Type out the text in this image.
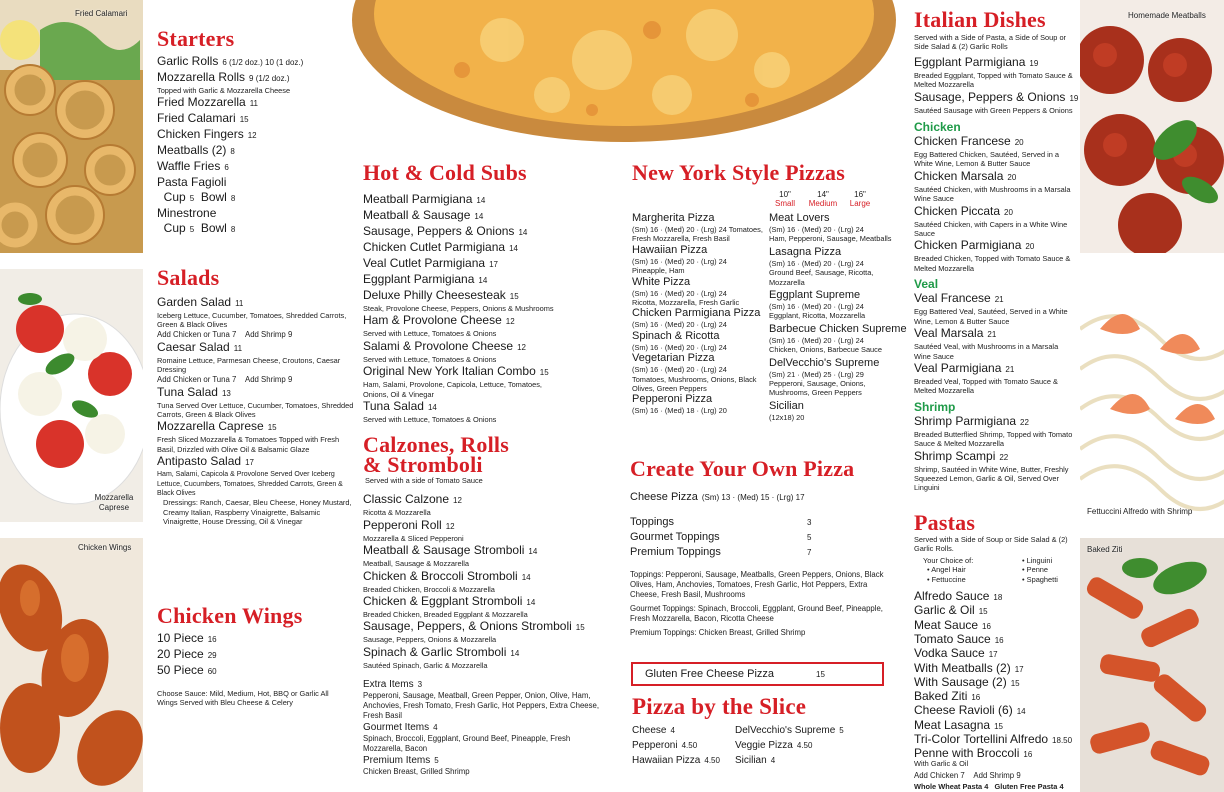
Fried Calamari
Mozzarella Caprese
Chicken Wings
Homemade Meatballs
Fettuccini Alfredo with Shrimp
Baked Ziti
Starters
Garlic Rolls 6 (1/2 doz.) 10 (1 doz.)
Mozzarella Rolls 9 (1/2 doz.)
Topped with Garlic & Mozzarella Cheese
Fried Mozzarella 11
Fried Calamari 15
Chicken Fingers 12
Meatballs (2) 8
Waffle Fries 6
Pasta Fagioli
Cup 5 Bowl 8
Minestrone
Cup 5 Bowl 8
Salads
Garden Salad 11
Iceberg Lettuce, Cucumber, Tomatoes, Shredded Carrots, Green & Black Olives
Add Chicken or Tuna 7 Add Shrimp 9
Caesar Salad 11
Romaine Lettuce, Parmesan Cheese, Croutons, Caesar Dressing
Add Chicken or Tuna 7 Add Shrimp 9
Tuna Salad 13
Tuna Served Over Lettuce, Cucumber, Tomatoes, Shredded Carrots, Green & Black Olives
Mozzarella Caprese 15
Fresh Sliced Mozzarella & Tomatoes Topped with Fresh Basil, Drizzled with Olive Oil & Balsamic Glaze
Antipasto Salad 17
Ham, Salami, Capicola & Provolone Served Over Iceberg Lettuce, Cucumbers, Tomatoes, Shredded Carrots, Green & Black Olives
Dressings: Ranch, Caesar, Bleu Cheese, Honey Mustard, Creamy Italian, Raspberry Vinaigrette, Balsamic Vinaigrette, House Dressing, Oil & Vinegar
Chicken Wings
10 Piece 16
20 Piece 29
50 Piece 60
Choose Sauce: Mild, Medium, Hot, BBQ or Garlic All Wings Served with Bleu Cheese & Celery
Hot & Cold Subs
Meatball Parmigiana 14
Meatball & Sausage 14
Sausage, Peppers & Onions 14
Chicken Cutlet Parmigiana 14
Veal Cutlet Parmigiana 17
Eggplant Parmigiana 14
Deluxe Philly Cheesesteak 15
Steak, Provolone Cheese, Peppers, Onions & Mushrooms
Ham & Provolone Cheese 12
Served with Lettuce, Tomatoes & Onions
Salami & Provolone Cheese 12
Served with Lettuce, Tomatoes & Onions
Original New York Italian Combo 15
Ham, Salami, Provolone, Capicola, Lettuce, Tomatoes, Onions, Oil & Vinegar
Tuna Salad 14
Served with Lettuce, Tomatoes & Onions
Calzones, Rolls
& Stromboli
Served with a side of Tomato Sauce
Classic Calzone 12
Ricotta & Mozzarella
Pepperoni Roll 12
Mozzarella & Sliced Pepperoni
Meatball & Sausage Stromboli 14
Meatball, Sausage & Mozzarella
Chicken & Broccoli Stromboli 14
Breaded Chicken, Broccoli & Mozzarella
Chicken & Eggplant Stromboli 14
Breaded Chicken, Breaded Eggplant & Mozzarella
Sausage, Peppers, & Onions Stromboli 15
Sausage, Peppers, Onions & Mozzarella
Spinach & Garlic Stromboli 14
Sautéed Spinach, Garlic & Mozzarella
Extra Items 3
Pepperoni, Sausage, Meatball, Green Pepper, Onion, Olive, Ham, Anchovies, Fresh Tomato, Fresh Garlic, Hot Peppers, Extra Cheese, Fresh Basil
Gourmet Items 4
Spinach, Broccoli, Eggplant, Ground Beef, Pineapple, Fresh Mozzarella, Bacon
Premium Items 5
Chicken Breast, Grilled Shrimp
New York Style Pizzas
10"
Small
14"
Medium
16"
Large
Margherita Pizza
(Sm) 16 · (Med) 20 · (Lrg) 24 Tomatoes, Fresh Mozzarella, Fresh Basil
Hawaiian Pizza
(Sm) 16 · (Med) 20 · (Lrg) 24
Pineapple, Ham
White Pizza
(Sm) 16 · (Med) 20 · (Lrg) 24
Ricotta, Mozzarella, Fresh Garlic
Chicken Parmigiana Pizza
(Sm) 16 · (Med) 20 · (Lrg) 24
Spinach & Ricotta
(Sm) 16 · (Med) 20 · (Lrg) 24
Vegetarian Pizza
(Sm) 16 · (Med) 20 · (Lrg) 24
Tomatoes, Mushrooms, Onions, Black Olives, Green Peppers
Pepperoni Pizza
(Sm) 16 · (Med) 18 · (Lrg) 20
Meat Lovers
(Sm) 16 · (Med) 20 · (Lrg) 24
Ham, Pepperoni, Sausage, Meatballs
Lasagna Pizza
(Sm) 16 · (Med) 20 · (Lrg) 24
Ground Beef, Sausage, Ricotta, Mozzarella
Eggplant Supreme
(Sm) 16 · (Med) 20 · (Lrg) 24
Eggplant, Ricotta, Mozzarella
Barbecue Chicken Supreme
(Sm) 16 · (Med) 20 · (Lrg) 24
Chicken, Onions, Barbecue Sauce
DelVecchio's Supreme
(Sm) 21 · (Med) 25 · (Lrg) 29
Pepperoni, Sausage, Onions, Mushrooms, Green Peppers
Sicilian
(12x18) 20
Create Your Own Pizza
Cheese Pizza (Sm) 13 · (Med) 15 · (Lrg) 17
Toppings	3
Gourmet Toppings	5
Premium Toppings	7
Toppings: Pepperoni, Sausage, Meatballs, Green Peppers, Onions, Black Olives, Ham, Anchovies, Tomatoes, Fresh Garlic, Hot Peppers, Extra Cheese, Fresh Basil, Mushrooms
Gourmet Toppings: Spinach, Broccoli, Eggplant, Ground Beef, Pineapple, Fresh Mozzarella, Bacon, Ricotta Cheese
Premium Toppings: Chicken Breast, Grilled Shrimp
Gluten Free Cheese Pizza	15
Pizza by the Slice
Cheese 4
Pepperoni 4.50
Hawaiian Pizza 4.50
DelVecchio's Supreme 5
Veggie Pizza 4.50
Sicilian 4
Italian Dishes
Served with a Side of Pasta, a Side of Soup or Side Salad & (2) Garlic Rolls
Eggplant Parmigiana 19
Breaded Eggplant, Topped with Tomato Sauce & Melted Mozzarella
Sausage, Peppers & Onions 19
Sautéed Sausage with Green Peppers & Onions
Chicken
Chicken Francese 20
Egg Battered Chicken, Sautéed, Served in a White Wine, Lemon & Butter Sauce
Chicken Marsala 20
Sautéed Chicken, with Mushrooms in a Marsala Wine Sauce
Chicken Piccata 20
Sautéed Chicken, with Capers in a White Wine Sauce
Chicken Parmigiana 20
Breaded Chicken, Topped with Tomato Sauce & Melted Mozzarella
Veal
Veal Francese 21
Egg Battered Veal, Sautéed, Served in a White Wine, Lemon & Butter Sauce
Veal Marsala 21
Sautéed Veal, with Mushrooms in a Marsala Wine Sauce
Veal Parmigiana 21
Breaded Veal, Topped with Tomato Sauce & Melted Mozzarella
Shrimp
Shrimp Parmigiana 22
Breaded Butterflied Shrimp, Topped with Tomato Sauce & Melted Mozzarella
Shrimp Scampi 22
Shrimp, Sautéed in White Wine, Butter, Freshly Squeezed Lemon, Garlic & Oil, Served Over Linguini
Pastas
Served with a Side of Soup or Side Salad & (2) Garlic Rolls.
Your Choice of:
• Angel Hair
• Fettuccine
• Linguini
• Penne
• Spaghetti
Alfredo Sauce 18
Garlic & Oil 15
Meat Sauce 16
Tomato Sauce 16
Vodka Sauce 17
With Meatballs (2) 17
With Sausage (2) 15
Baked Ziti 16
Cheese Ravioli (6) 14
Meat Lasagna 15
Tri-Color Tortellini Alfredo 18.50
Penne with Broccoli 16
With Garlic & Oil
Add Chicken 7 Add Shrimp 9
Whole Wheat Pasta 4 Gluten Free Pasta 4
